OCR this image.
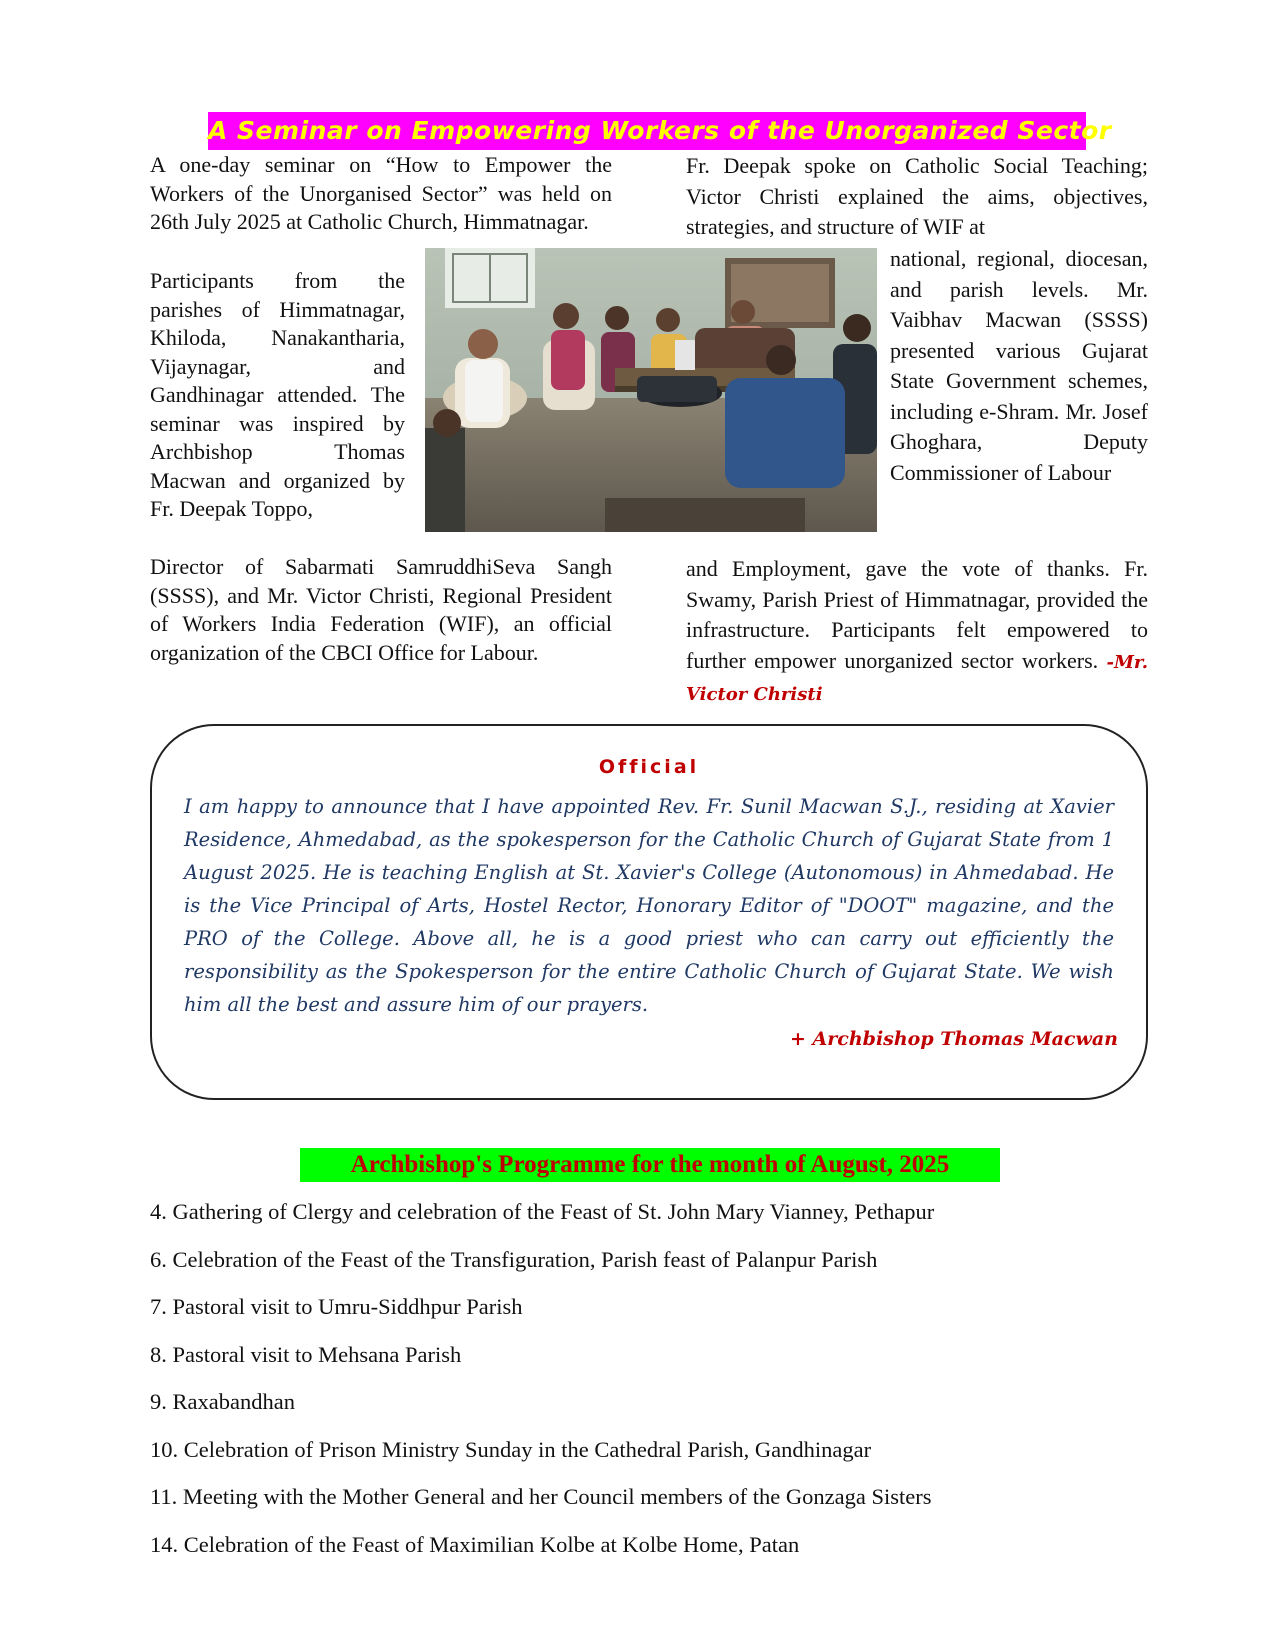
A Seminar on Empowering Workers of the Unorganized Sector

A one-day seminar on “How to Empower the Workers of the Unorganised Sector” was held on 26th July 2025 at Catholic Church, Himmatnagar.

Participants from the parishes of Himmatnagar, Khiloda, Nanakantharia, Vijaynagar, and Gandhinagar attended. The seminar was inspired by Archbishop Thomas Macwan and organized by Fr. Deepak Toppo,

Director of Sabarmati SamruddhiSeva Sangh (SSSS), and Mr. Victor Christi, Regional President of Workers India Federation (WIF), an official organization of the CBCI Office for Labour.

Fr. Deepak spoke on Catholic Social Teaching; Victor Christi explained the aims, objectives, strategies, and structure of WIF at

national, regional, diocesan, and parish levels. Mr. Vaibhav Macwan (SSSS) presented various Gujarat State Government schemes, including e-Shram. Mr. Josef Ghoghara, Deputy Commissioner of Labour

and Employment, gave the vote of thanks. Fr. Swamy, Parish Priest of Himmatnagar, provided the infrastructure. Participants felt empowered to further empower unorganized sector workers. -Mr. Victor Christi

Official

I am happy to announce that I have appointed Rev. Fr. Sunil Macwan S.J., residing at Xavier Residence, Ahmedabad, as the spokesperson for the Catholic Church of Gujarat State from 1 August 2025. He is teaching English at St. Xavier's College (Autonomous) in Ahmedabad. He is the Vice Principal of Arts, Hostel Rector, Honorary Editor of "DOOT" magazine, and the PRO of the College. Above all, he is a good priest who can carry out efficiently the responsibility as the Spokesperson for the entire Catholic Church of Gujarat State. We wish him all the best and assure him of our prayers.

+ Archbishop Thomas Macwan
Archbishop's Programme for the month of August, 2025
4. Gathering of Clergy and celebration of the Feast of St. John Mary Vianney, Pethapur
6. Celebration of the Feast of the Transfiguration, Parish feast of Palanpur Parish
7. Pastoral visit to Umru-Siddhpur Parish
8. Pastoral visit to Mehsana Parish
9. Raxabandhan
10. Celebration of Prison Ministry Sunday in the Cathedral Parish, Gandhinagar
11. Meeting with the Mother General and her Council members of the Gonzaga Sisters
14. Celebration of the Feast of Maximilian Kolbe at Kolbe Home, Patan
